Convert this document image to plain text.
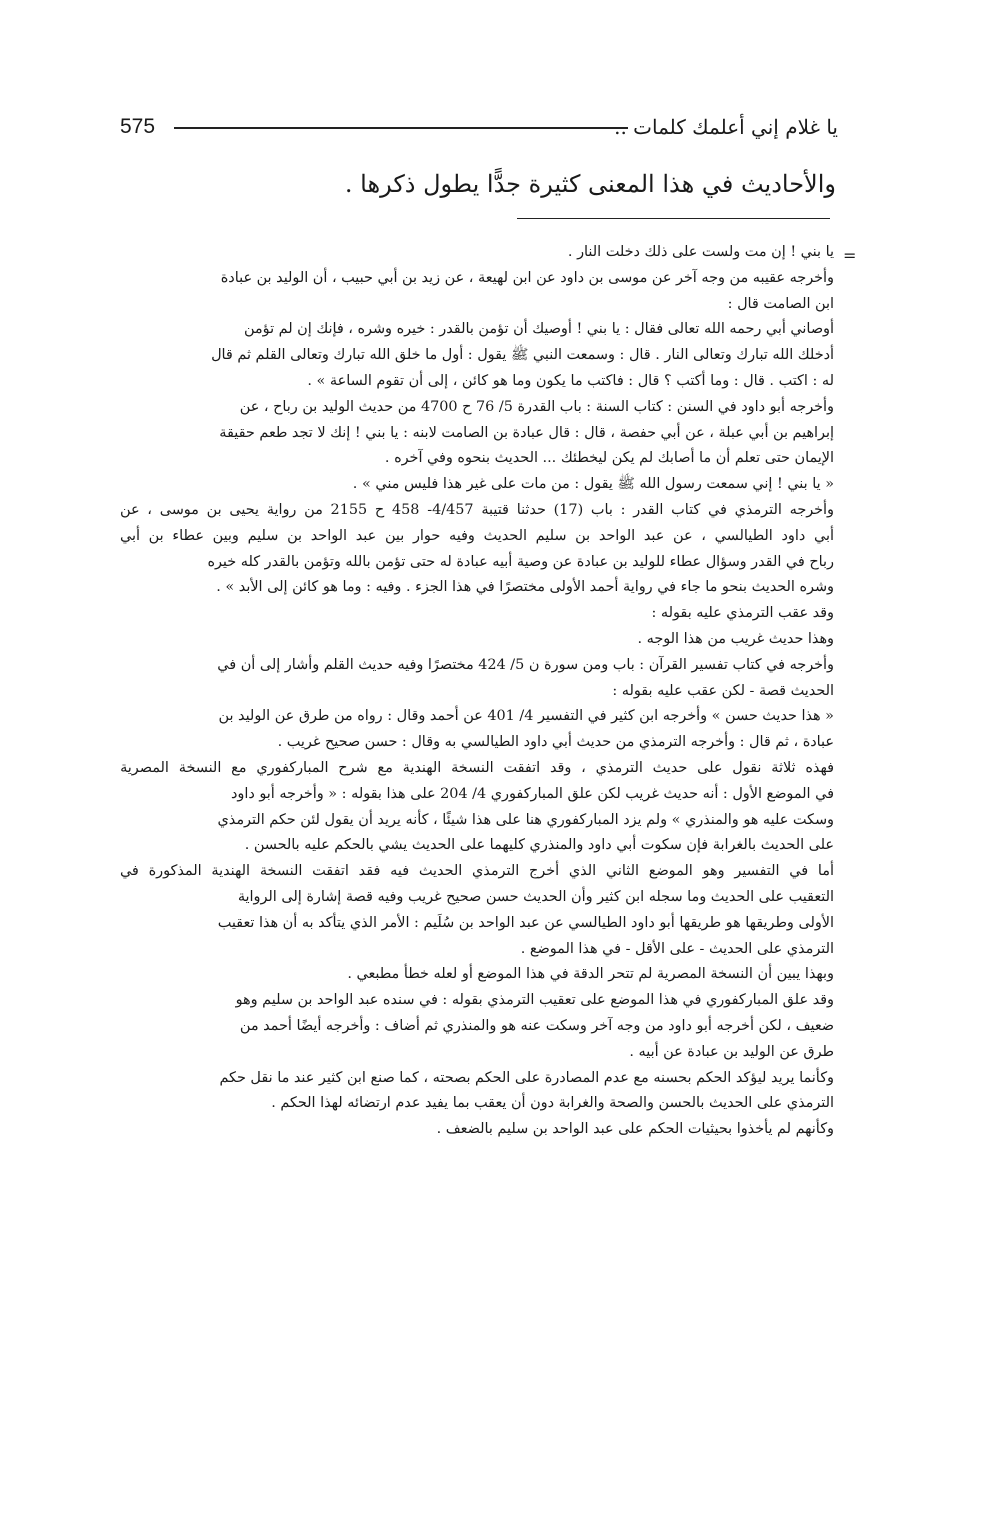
575	يا غلام إني أعلمك كلمات ..
والأحاديث في هذا المعنى كثيرة جدًّا يطول ذكرها .
=
يا بني ! إن مت ولست على ذلك دخلت النار .
وأخرجه عقيبه من وجه آخر عن موسى بن داود عن ابن لهيعة ، عن زيد بن أبي حبيب ، أن الوليد بن عبادة
ابن الصامت قال :
أوصاني أبي رحمه الله تعالى فقال : يا بني ! أوصيك أن تؤمن بالقدر : خيره وشره ، فإنك إن لم تؤمن
أدخلك الله تبارك وتعالى النار . قال : وسمعت النبي ﷺ يقول : أول ما خلق الله تبارك وتعالى القلم ثم قال
له : اكتب . قال : وما أكتب ؟ قال : فاكتب ما يكون وما هو كائن ، إلى أن تقوم الساعة » .
وأخرجه أبو داود في السنن : كتاب السنة : باب القدرة 5/ 76 ح 4700 من حديث الوليد بن رباح ، عن
إبراهيم بن أبي عبلة ، عن أبي حفصة ، قال : قال عبادة بن الصامت لابنه : يا بني ! إنك لا تجد طعم حقيقة
الإيمان حتى تعلم أن ما أصابك لم يكن ليخطئك ... الحديث بنحوه وفي آخره .
« يا بني ! إني سمعت رسول الله ﷺ يقول : من مات على غير هذا فليس مني » .
وأخرجه الترمذي في كتاب القدر : باب (17) حدثنا قتيبة 4/457- 458 ح 2155 من رواية يحيى بن موسى ، عن
أبي داود الطيالسي ، عن عبد الواحد بن سليم الحديث وفيه حوار بين عبد الواحد بن سليم وبين عطاء بن أبي
رباح في القدر وسؤال عطاء للوليد بن عبادة عن وصية أبيه عبادة له حتى تؤمن بالله وتؤمن بالقدر كله خيره
وشره الحديث بنحو ما جاء في رواية أحمد الأولى مختصرًا في هذا الجزء . وفيه : وما هو كائن إلى الأبد » .
وقد عقب الترمذي عليه بقوله :
وهذا حديث غريب من هذا الوجه .
وأخرجه في كتاب تفسير القرآن : باب ومن سورة ن 5/ 424 مختصرًا وفيه حديث القلم وأشار إلى أن في
الحديث قصة - لكن عقب عليه بقوله :
« هذا حديث حسن » وأخرجه ابن كثير في التفسير 4/ 401 عن أحمد وقال : رواه من طرق عن الوليد بن
عبادة ، ثم قال : وأخرجه الترمذي من حديث أبي داود الطيالسي به وقال : حسن صحيح غريب .
فهذه ثلاثة نقول على حديث الترمذي ، وقد اتفقت النسخة الهندية مع شرح المباركفوري مع النسخة المصرية
في الموضع الأول : أنه حديث غريب لكن علق المباركفوري 4/ 204 على هذا بقوله : « وأخرجه أبو داود
وسكت عليه هو والمنذري » ولم يزد المباركفوري هنا على هذا شيئًا ، كأنه يريد أن يقول لئن حكم الترمذي
على الحديث بالغرابة فإن سكوت أبي داود والمنذري كليهما على الحديث يشي بالحكم عليه بالحسن .
أما في التفسير وهو الموضع الثاني الذي أخرج الترمذي الحديث فيه فقد اتفقت النسخة الهندية المذكورة في
التعقيب على الحديث وما سجله ابن كثير وأن الحديث حسن صحيح غريب وفيه قصة إشارة إلى الرواية
الأولى وطريقها هو طريقها أبو داود الطيالسي عن عبد الواحد بن سُلَيم : الأمر الذي يتأكد به أن هذا تعقيب
الترمذي على الحديث - على الأقل - في هذا الموضع .
وبهذا يبين أن النسخة المصرية لم تتحر الدقة في هذا الموضع أو لعله خطأ مطبعي .
وقد علق المباركفوري في هذا الموضع على تعقيب الترمذي بقوله : في سنده عبد الواحد بن سليم وهو
ضعيف ، لكن أخرجه أبو داود من وجه آخر وسكت عنه هو والمنذري ثم أضاف : وأخرجه أيضًا أحمد من
طرق عن الوليد بن عبادة عن أبيه .
وكأنما يريد ليؤكد الحكم بحسنه مع عدم المصادرة على الحكم بصحته ، كما صنع ابن كثير عند ما نقل حكم
الترمذي على الحديث بالحسن والصحة والغرابة دون أن يعقب بما يفيد عدم ارتضائه لهذا الحكم .
وكأنهم لم يأخذوا بحيثيات الحكم على عبد الواحد بن سليم بالضعف .
